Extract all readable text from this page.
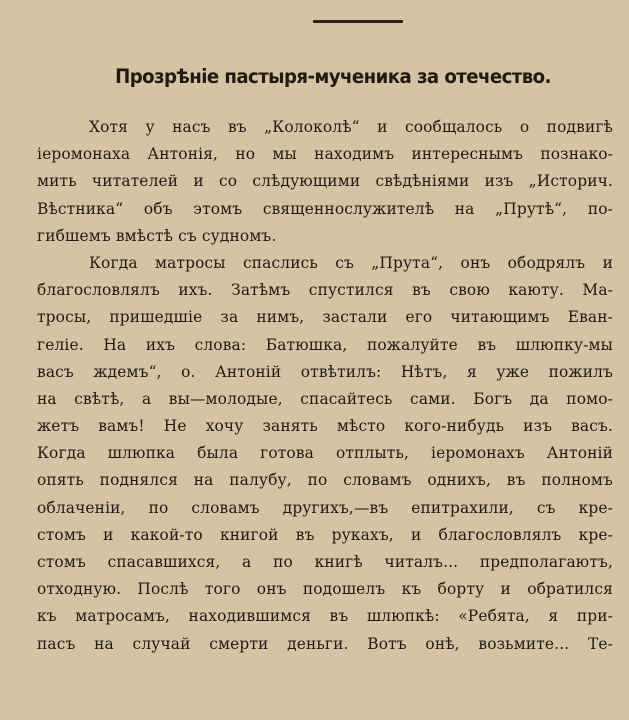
Прозрѣніе пастыря-мученика за отечество.
Хотя у насъ въ „Колоколѣ“ и сообщалось о подвигѣ
іеромонаха Антонія, но мы находимъ интереснымъ познако-
мить читателей и со слѣдующими свѣдѣніями изъ „Историч.
Вѣстника“ объ этомъ священнослужителѣ на „Прутѣ“, по-
гибшемъ вмѣстѣ съ судномъ.
Когда матросы спаслись съ „Прута“, онъ ободрялъ и
благословлялъ ихъ. Затѣмъ спустился въ свою каюту. Ма-
тросы, пришедшіе за нимъ, застали его читающимъ Еван-
геліе. На ихъ слова: Батюшка, пожалуйте въ шлюпку-мы
васъ ждемъ“, о. Антоній отвѣтилъ: Нѣтъ, я уже пожилъ
на свѣтѣ, а вы—молодые, спасайтесь сами. Богъ да помо-
жетъ вамъ! Не хочу занять мѣсто кого-нибудь изъ васъ.
Когда шлюпка была готова отплыть, іеромонахъ Антоній
опять поднялся на палубу, по словамъ однихъ, въ полномъ
облаченіи, по словамъ другихъ,—въ епитрахили, съ кре-
стомъ и какой-то книгой въ рукахъ, и благословлялъ кре-
стомъ спасавшихся, а по книгѣ читалъ... предполагаютъ,
отходную. Послѣ того онъ подошелъ къ борту и обратился
къ матросамъ, находившимся въ шлюпкѣ: «Ребята, я при-
пасъ на случай смерти деньги. Вотъ онѣ, возьмите... Те-
